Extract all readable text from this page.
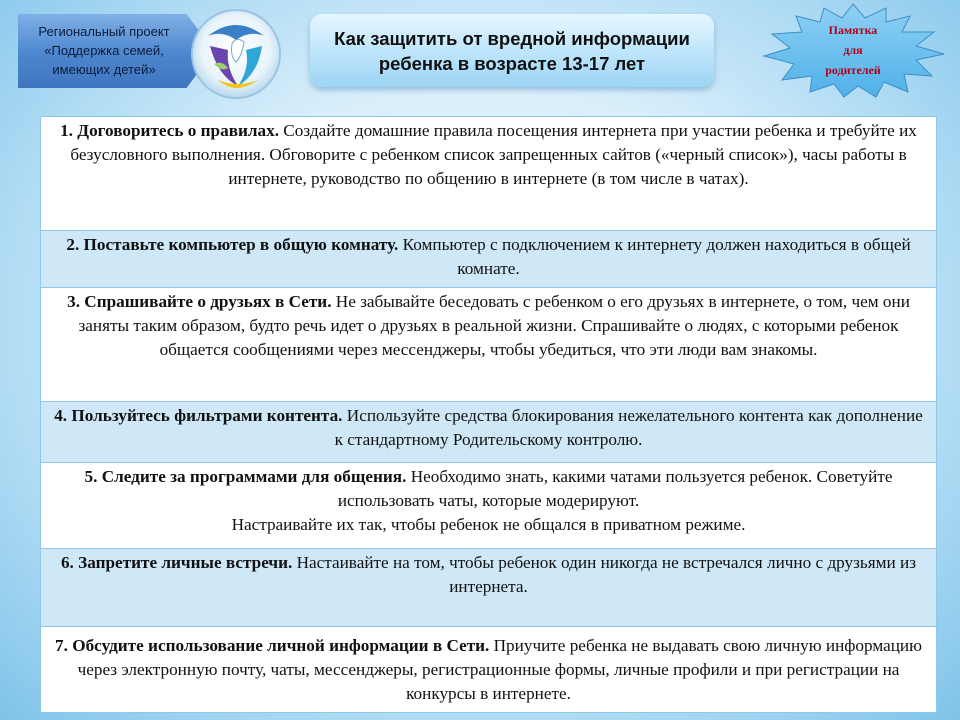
Региональный проект
«Поддержка семей,
имеющих детей»
Как защитить от вредной информации
ребенка в возрасте 13-17 лет
Памятка
для
родителей
1. Договоритесь о правилах. Создайте домашние правила посещения интернета при участии ребенка и требуйте их безусловного выполнения. Обговорите с ребенком список запрещенных сайтов («черный список»), часы работы в интернете, руководство по общению в интернете (в том числе в чатах).
2. Поставьте компьютер в общую комнату. Компьютер с подключением к интернету должен находиться в общей комнате.
3. Спрашивайте о друзьях в Сети. Не забывайте беседовать с ребенком о его друзьях в интернете, о том, чем они заняты таким образом, будто речь идет о друзьях в реальной жизни. Спрашивайте о людях, с которыми ребенок общается сообщениями через мессенджеры, чтобы убедиться, что эти люди вам знакомы.
4. Пользуйтесь фильтрами контента. Используйте средства блокирования нежелательного контента как дополнение к стандартному Родительскому контролю.
5. Следите за программами для общения. Необходимо знать, какими чатами пользуется ребенок. Советуйте использовать чаты, которые модерируют.
Настраивайте их так, чтобы ребенок не общался в приватном режиме.
6. Запретите личные встречи. Настаивайте на том, чтобы ребенок один никогда не встречался лично с друзьями из интернета.
7. Обсудите использование личной информации в Сети. Приучите ребенка не выдавать свою личную информацию через электронную почту, чаты, мессенджеры, регистрационные формы, личные профили и при регистрации на конкурсы в интернете.
